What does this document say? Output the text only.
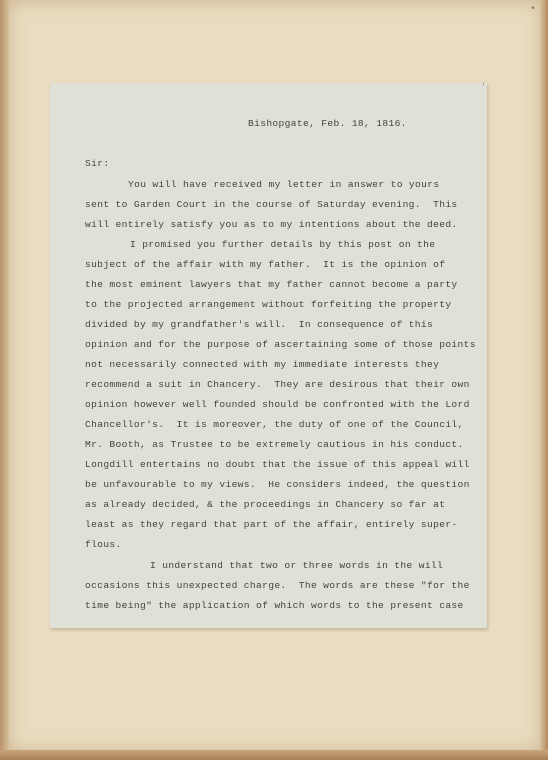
•
Bishopgate, Feb. 18, 1816.
Sir:
You will have received my letter in answer to yours
sent to Garden Court in the course of Saturday evening.  This
will entirely satisfy you as to my intentions about the deed.
I promised you further details by this post on the
subject of the affair with my father.  It is the opinion of
the most eminent lawyers that my father cannot become a party
to the projected arrangement without forfeiting the property
divided by my grandfather's will.  In consequence of this
opinion and for the purpose of ascertaining some of those points
not necessarily connected with my immediate interests they
recommend a suit in Chancery.  They are desirous that their own
opinion however well founded should be confronted with the Lord
Chancellor's.  It is moreover, the duty of one of the Council,
Mr. Booth, as Trustee to be extremely cautious in his conduct.
Longdill entertains no doubt that the issue of this appeal will
be unfavourable to my views.  He considers indeed, the question
as already decided, & the proceedings in Chancery so far at
least as they regard that part of the affair, entirely super-
flous.
I understand that two or three words in the will
occasions this unexpected charge.  The words are these "for the
time being" the application of which words to the present case
′
